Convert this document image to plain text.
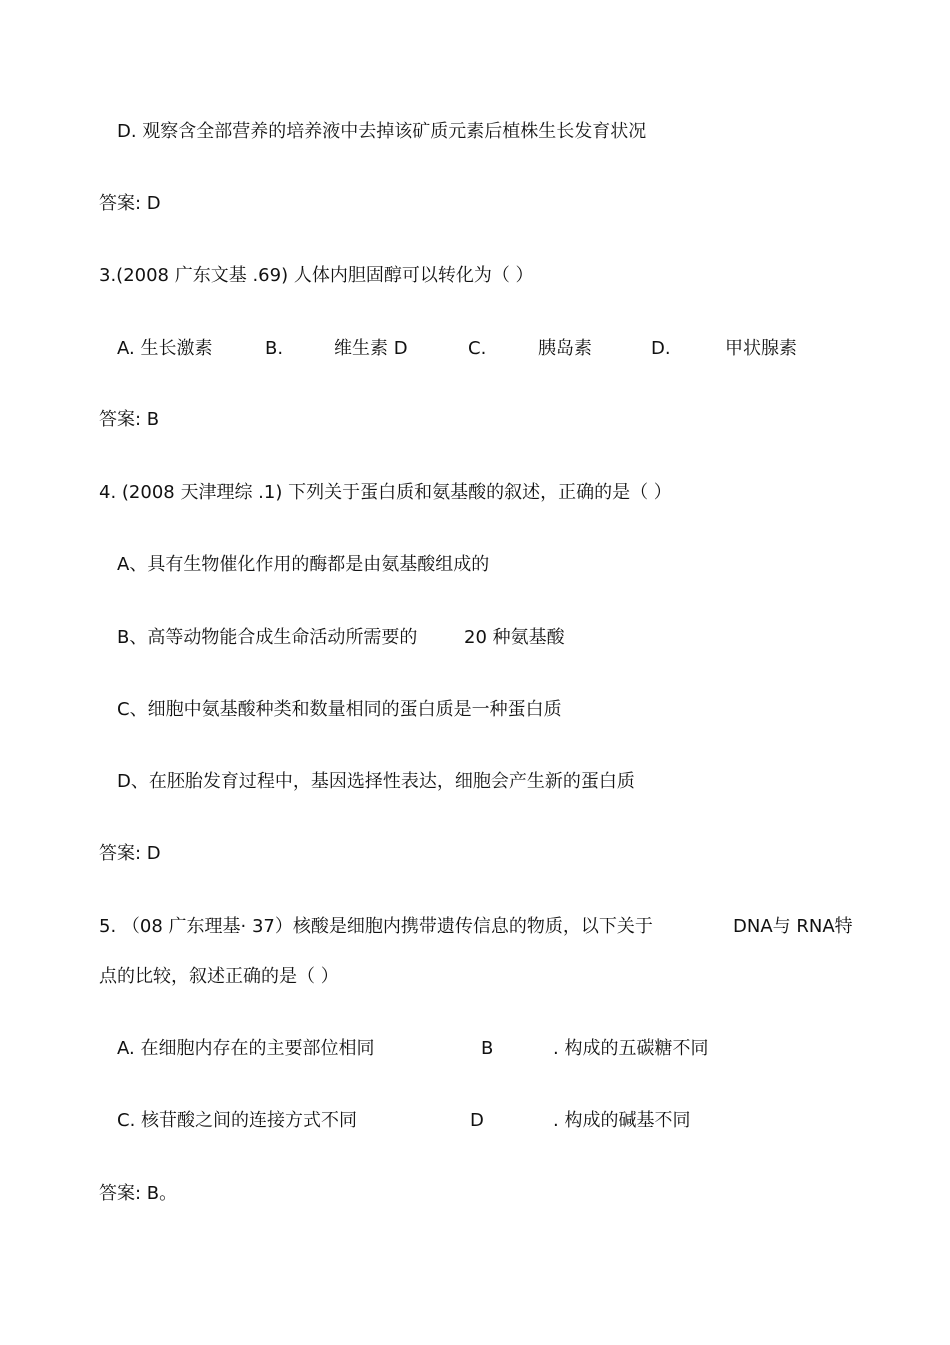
D. 观察含全部营养的培养液中去掉该矿质元素后植株生长发育状况
答案: D
3.(2008 广东文基 .69) 人体内胆固醇可以转化为（ ）
A. 生长激素	B.	维生素 D	C.	胰岛素	D.	甲状腺素
答案: B
4. (2008 天津理综 .1) 下列关于蛋白质和氨基酸的叙述，正确的是（ ）
A、具有生物催化作用的酶都是由氨基酸组成的
B、高等动物能合成生命活动所需要的	20 种氨基酸
C、细胞中氨基酸种类和数量相同的蛋白质是一种蛋白质
D、在胚胎发育过程中，基因选择性表达，细胞会产生新的蛋白质
答案: D
5. （08 广东理基· 37）核酸是细胞内携带遗传信息的物质，以下关于	DNA与 RNA特
点的比较，叙述正确的是（ ）
A. 在细胞内存在的主要部位相同	B	. 构成的五碳糖不同
C. 核苷酸之间的连接方式不同	D	. 构成的碱基不同
答案: B。
